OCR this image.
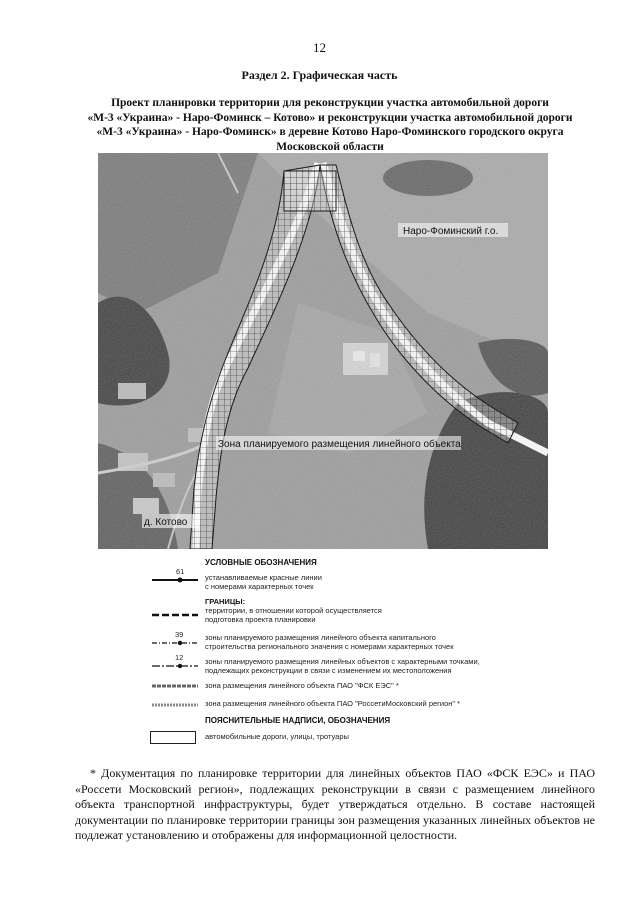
12
Раздел 2. Графическая часть
Проект планировки территории для реконструкции участка автомобильной дороги
«М-3 «Украина» - Наро-Фоминск – Котово» и реконструкции участка автомобильной дороги
«М-3 «Украина» - Наро-Фоминск» в деревне Котово Наро-Фоминского городского округа
Московской области
Наро-Фоминский г.о.
Зона планируемого размещения линейного объекта
д. Котово
УСЛОВНЫЕ ОБОЗНАЧЕНИЯ
61
устанавливаемые красные линии
с номерами характерных точек
ГРАНИЦЫ:
территории, в отношении которой осуществляется
подготовка проекта планировки
39	зоны планируемого размещения линейного объекта капитального
строительства регионального значения с номерами характерных точек
12	зоны планируемого размещения линейных объектов с характерными точками,
подлежащих реконструкции в связи с изменением их местоположения
зона размещения линейного объекта ПАО "ФСК ЕЭС" *
зона размещения линейного объекта ПАО "РоссетиМосковский регион" *
ПОЯСНИТЕЛЬНЫЕ НАДПИСИ, ОБОЗНАЧЕНИЯ
автомобильные дороги, улицы, тротуары

* Документация по планировке территории для линейных объектов ПАО «ФСК ЕЭС» и ПАО «Россети Московский регион», подлежащих реконструкции в связи с размещением линейного объекта транспортной инфраструктуры, будет утверждаться отдельно. В составе настоящей документации по планировке территории границы зон размещения указанных линейных объектов не подлежат установлению и отображены для информационной целостности.
